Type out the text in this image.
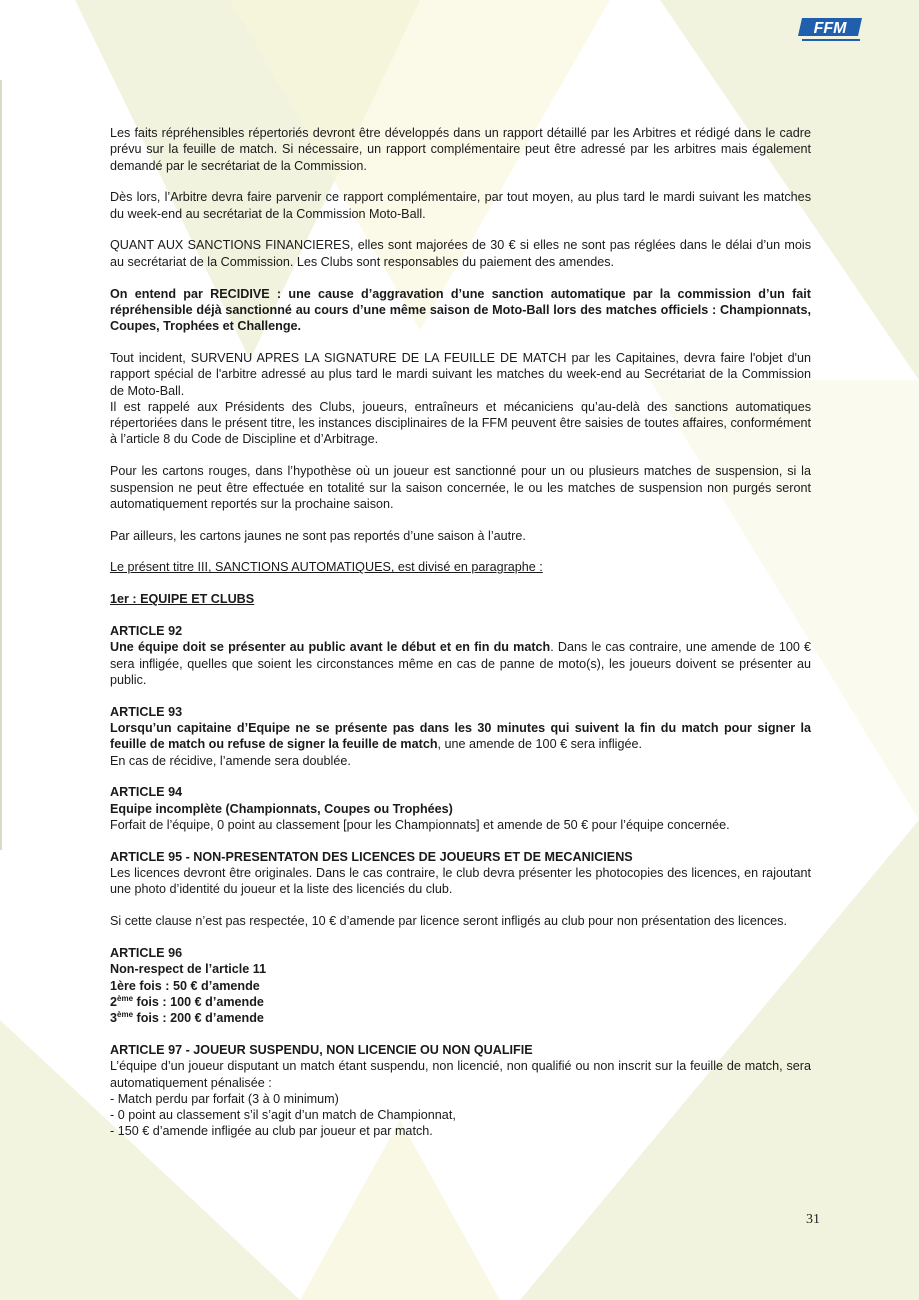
FFM

Les faits répréhensibles répertoriés devront être développés dans un rapport détaillé par les Arbitres et rédigé dans le cadre prévu sur la feuille de match. Si nécessaire, un rapport complémentaire peut être adressé par les arbitres mais également demandé par le secrétariat de la Commission.

Dès lors, l’Arbitre devra faire parvenir ce rapport complémentaire, par tout moyen, au plus tard le mardi suivant les matches du week-end au secrétariat de la Commission Moto-Ball.

QUANT AUX SANCTIONS FINANCIERES, elles sont majorées de 30 € si elles ne sont pas réglées dans le délai d’un mois au secrétariat de la Commission. Les Clubs sont responsables du paiement des amendes.

On entend par RECIDIVE : une cause d’aggravation d’une sanction automatique par la commission d’un fait répréhensible déjà sanctionné au cours d’une même saison de Moto-Ball lors des matches officiels : Championnats, Coupes, Trophées et Challenge.

Tout incident, SURVENU APRES LA SIGNATURE DE LA FEUILLE DE MATCH par les Capitaines, devra faire l'objet d'un rapport spécial de l'arbitre adressé au plus tard le mardi suivant les matches du week-end au Secrétariat de la Commission de Moto-Ball.

Il est rappelé aux Présidents des Clubs, joueurs, entraîneurs et mécaniciens qu’au-delà des sanctions automatiques répertoriées dans le présent titre, les instances disciplinaires de la FFM peuvent être saisies de toutes affaires, conformément à l’article 8 du Code de Discipline et d’Arbitrage.

Pour les cartons rouges, dans l’hypothèse où un joueur est sanctionné pour un ou plusieurs matches de suspension, si la suspension ne peut être effectuée en totalité sur la saison concernée, le ou les matches de suspension non purgés seront automatiquement reportés sur la prochaine saison.

Par ailleurs, les cartons jaunes ne sont pas reportés d’une saison à l’autre.

Le présent titre III, SANCTIONS AUTOMATIQUES, est divisé en paragraphe :

1er : EQUIPE ET CLUBS

ARTICLE 92
Une équipe doit se présenter au public avant le début et en fin du match. Dans le cas contraire, une amende de 100 € sera infligée, quelles que soient les circonstances même en cas de panne de moto(s), les joueurs doivent se présenter au public.
ARTICLE 93
Lorsqu’un capitaine d’Equipe ne se présente pas dans les 30 minutes qui suivent la fin du match pour signer la feuille de match ou refuse de signer la feuille de match, une amende de 100 € sera infligée.
En cas de récidive, l’amende sera doublée.
ARTICLE 94
Equipe incomplète (Championnats, Coupes ou Trophées)
Forfait de l’équipe, 0 point au classement [pour les Championnats] et amende de 50 € pour l’équipe concernée.
ARTICLE 95 - NON-PRESENTATON DES LICENCES DE JOUEURS ET DE MECANICIENS

Les licences devront être originales. Dans le cas contraire, le club devra présenter les photocopies des licences, en rajoutant une photo d’identité du joueur et la liste des licenciés du club.

Si cette clause n’est pas respectée, 10 € d’amende par licence seront infligés au club pour non présentation des licences.

ARTICLE 96
Non-respect de l’article 11
1ère fois : 50 € d’amende
2ème fois : 100 € d’amende
3ème fois : 200 € d’amende
ARTICLE 97 - JOUEUR SUSPENDU, NON LICENCIE OU NON QUALIFIE
L’équipe d’un joueur disputant un match étant suspendu, non licencié, non qualifié ou non inscrit sur la feuille de match, sera automatiquement pénalisée :
- Match perdu par forfait (3 à 0 minimum)
- 0 point au classement s’il s’agit d’un match de Championnat,
- 150 € d’amende infligée au club par joueur et par match.
31
